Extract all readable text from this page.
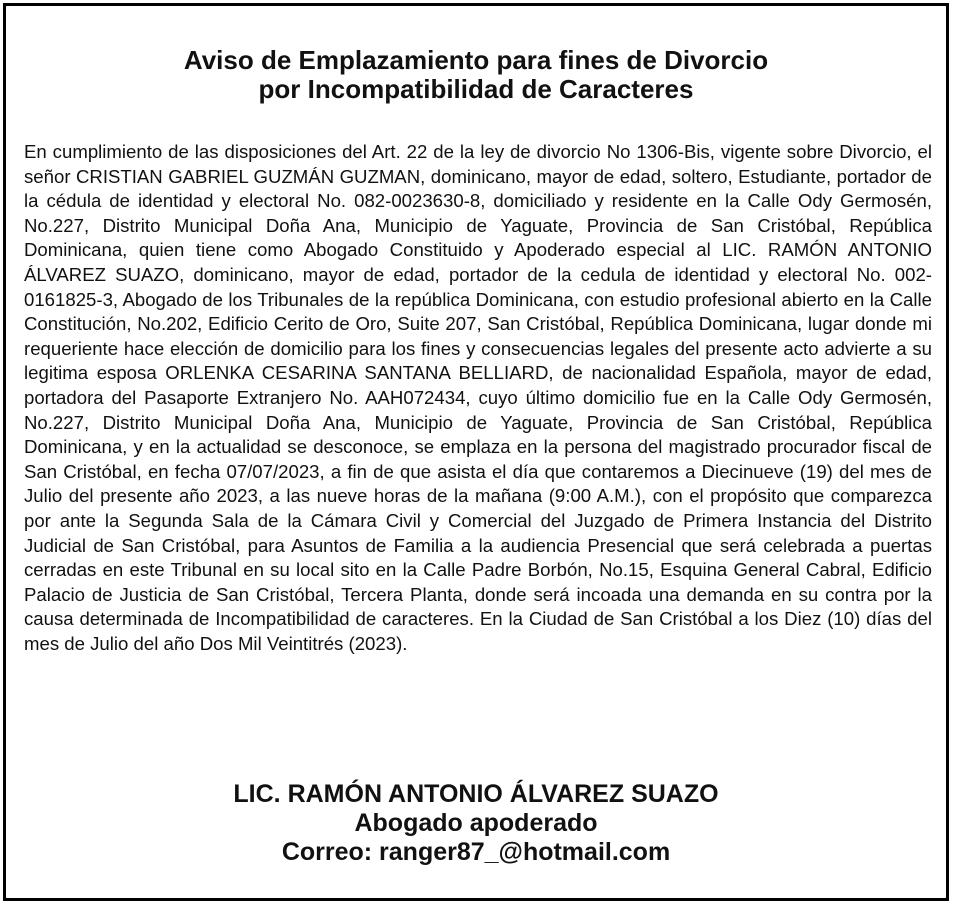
Aviso de Emplazamiento para fines de Divorcio
por Incompatibilidad de Caracteres

En cumplimiento de las disposiciones del Art. 22 de la ley de divorcio No 1306-Bis, vigente sobre Divorcio, el señor CRISTIAN GABRIEL GUZMÁN GUZMAN, dominicano, mayor de edad, soltero, Estudiante, portador de la cédula de identidad y electoral No. 082-0023630-8, domiciliado y residente en la Calle Ody Germosén, No.227, Distrito Municipal Doña Ana, Municipio de Yaguate, Provincia de San Cristóbal, República Dominicana, quien tiene como Abogado Constituido y Apoderado especial al LIC. RAMÓN ANTONIO ÁLVAREZ SUAZO, dominicano, mayor de edad, portador de la cedula de identidad y electoral No. 002-0161825-3, Abogado de los Tribunales de la república Dominicana, con estudio profesional abierto en la Calle Constitución, No.202, Edificio Cerito de Oro, Suite 207, San Cristóbal, República Dominicana, lugar donde mi requeriente hace elección de domicilio para los fines y consecuencias legales del presente acto advierte a su legitima esposa ORLENKA CESARINA SANTANA BELLIARD, de nacionalidad Española, mayor de edad, portadora del Pasaporte Extranjero No. AAH072434, cuyo último domicilio fue en la Calle Ody Germosén, No.227, Distrito Municipal Doña Ana, Municipio de Yaguate, Provincia de San Cristóbal, República Dominicana, y en la actualidad se desconoce, se emplaza en la persona del magistrado procurador fiscal de San Cristóbal, en fecha 07/07/2023, a fin de que asista el día que contaremos a Diecinueve (19) del mes de Julio del presente año 2023, a las nueve horas de la mañana (9:00 A.M.), con el propósito que comparezca por ante la Segunda Sala de la Cámara Civil y Comercial del Juzgado de Primera Instancia del Distrito Judicial de San Cristóbal, para Asuntos de Familia a la audiencia Presencial que será celebrada a puertas cerradas en este Tribunal en su local sito en la Calle Padre Borbón, No.15, Esquina General Cabral, Edificio Palacio de Justicia de San Cristóbal, Tercera Planta, donde será incoada una demanda en su contra por la causa determinada de Incompatibilidad de caracteres. En la Ciudad de San Cristóbal a los Diez (10) días del mes de Julio del año Dos Mil Veintitrés (2023).

LIC. RAMÓN ANTONIO ÁLVAREZ SUAZO
Abogado apoderado
Correo: ranger87_@hotmail.com
